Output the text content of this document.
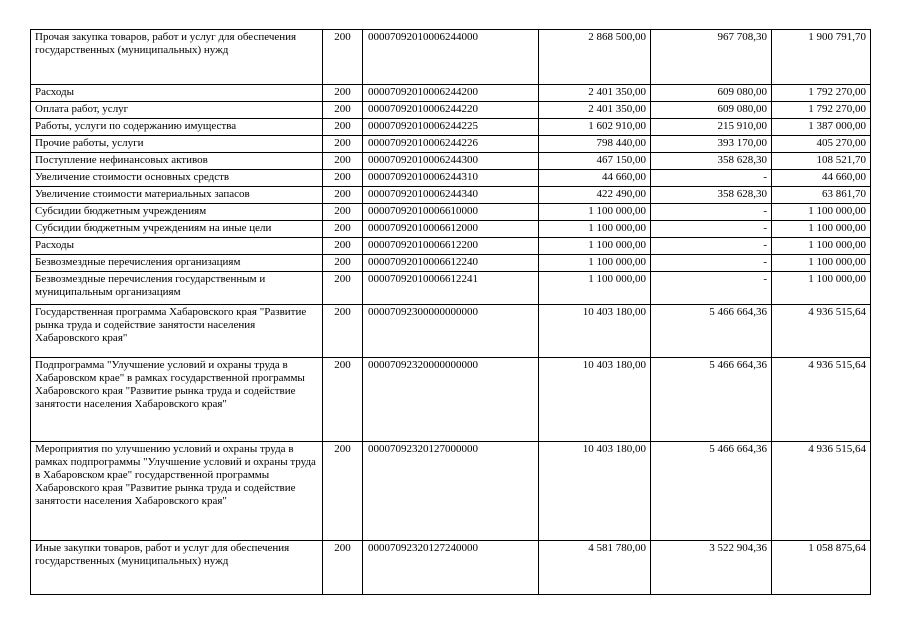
Прочая закупка товаров, работ и услуг для обеспечения государственных (муниципальных) нужд	200	00007092010006244000	2 868 500,00	967 708,30	1 900 791,70
Расходы	200	00007092010006244200	2 401 350,00	609 080,00	1 792 270,00
Оплата работ, услуг	200	00007092010006244220	2 401 350,00	609 080,00	1 792 270,00
Работы, услуги по содержанию имущества	200	00007092010006244225	1 602 910,00	215 910,00	1 387 000,00
Прочие работы, услуги	200	00007092010006244226	798 440,00	393 170,00	405 270,00
Поступление нефинансовых активов	200	00007092010006244300	467 150,00	358 628,30	108 521,70
Увеличение стоимости основных средств	200	00007092010006244310	44 660,00	-	44 660,00
Увеличение стоимости материальных запасов	200	00007092010006244340	422 490,00	358 628,30	63 861,70
Субсидии бюджетным учреждениям	200	00007092010006610000	1 100 000,00	-	1 100 000,00
Субсидии бюджетным учреждениям на иные цели	200	00007092010006612000	1 100 000,00	-	1 100 000,00
Расходы	200	00007092010006612200	1 100 000,00	-	1 100 000,00
Безвозмездные перечисления организациям	200	00007092010006612240	1 100 000,00	-	1 100 000,00
Безвозмездные перечисления государственным и муниципальным организациям	200	00007092010006612241	1 100 000,00	-	1 100 000,00
Государственная программа Хабаровского края "Развитие рынка труда и содействие занятости населения Хабаровского края"	200	00007092300000000000	10 403 180,00	5 466 664,36	4 936 515,64
Подпрограмма "Улучшение условий и охраны труда в Хабаровском крае" в рамках государственной программы Хабаровского края "Развитие рынка труда и содействие занятости населения Хабаровского края"	200	00007092320000000000	10 403 180,00	5 466 664,36	4 936 515,64
Мероприятия по улучшению условий и охраны труда в рамках подпрограммы "Улучшение условий и охраны труда в Хабаровском крае" государственной программы Хабаровского края "Развитие рынка труда и содействие занятости населения Хабаровского края"	200	00007092320127000000	10 403 180,00	5 466 664,36	4 936 515,64
Иные закупки товаров, работ и услуг для обеспечения государственных (муниципальных) нужд	200	00007092320127240000	4 581 780,00	3 522 904,36	1 058 875,64
